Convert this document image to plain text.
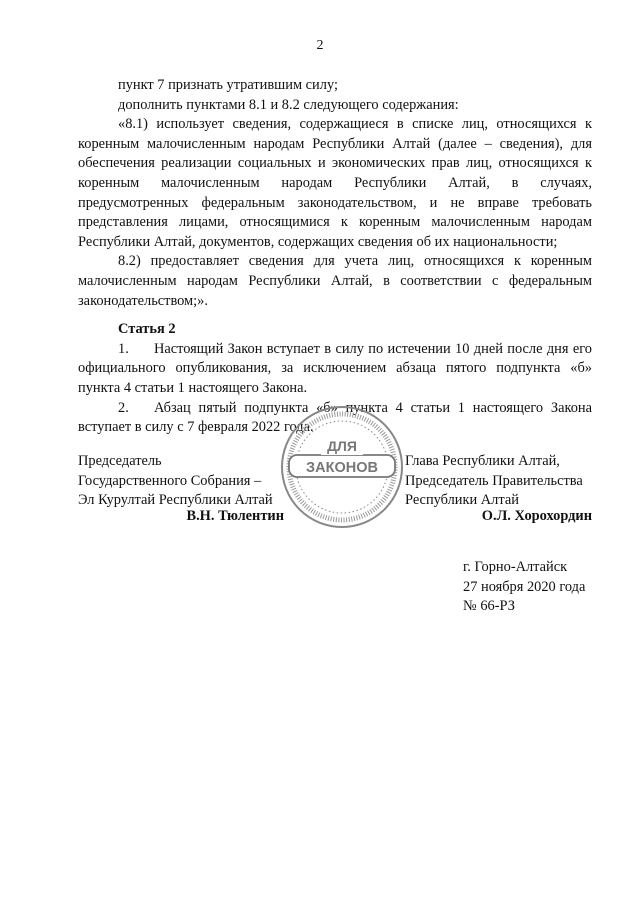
2

пункт 7 признать утратившим силу;

дополнить пунктами 8.1 и 8.2 следующего содержания:

«8.1) использует сведения, содержащиеся в списке лиц, относящихся к коренным малочисленным народам Республики Алтай (далее – сведения), для обеспечения реализации социальных и экономических прав лиц, относящихся к коренным малочисленным народам Республики Алтай, в случаях, предусмотренных федеральным законодательством, и не вправе требовать представления лицами, относящимися к коренным малочисленным народам Республики Алтай, документов, содержащих сведения об их национальности;

8.2) предоставляет сведения для учета лиц, относящихся к коренным малочисленным народам Республики Алтай, в соответствии с федеральным законодательством;».

Статья 2

1. Настоящий Закон вступает в силу по истечении 10 дней после дня его официального опубликования, за исключением абзаца пятого подпункта «б» пункта 4 статьи 1 настоящего Закона.

2. Абзац пятый подпункта «б» пункта 4 статьи 1 настоящего Закона вступает в силу с 7 февраля 2022 года.

Председатель
Государственного Собрания –
Эл Курултай Республики Алтай
В.Н. Тюлентин
Глава Республики Алтай,
Председатель Правительства
Республики Алтай
О.Л. Хорохордин
ДЛЯ
ЗАКОНОВ

г. Горно-Алтайск

27 ноября 2020 года

№ 66-РЗ
